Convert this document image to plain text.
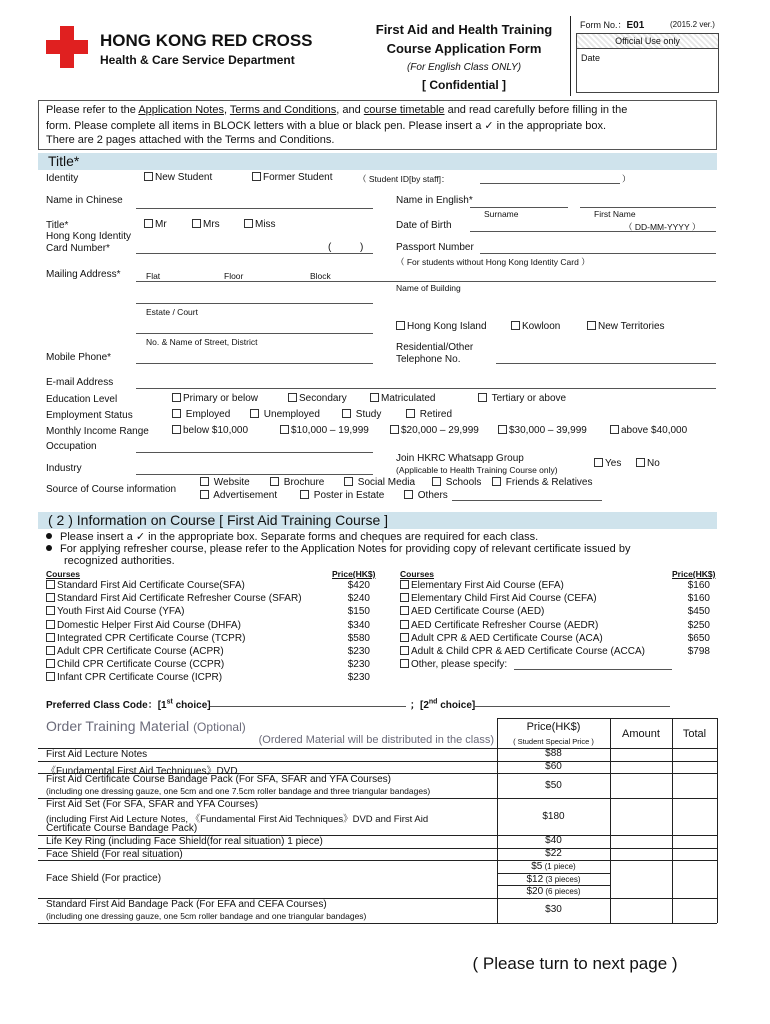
HONG KONG RED CROSS
Health & Care Service Department
First Aid and Health Training
Course Application Form
(For English Class ONLY)
[ Confidential ]
Form No.：E01	(2015.2 ver.)
Official Use only
Date
Please refer to the Application Notes, Terms and Conditions, and course timetable and read carefully before filling in the
form. Please complete all items in BLOCK letters with a blue or black pen. Please insert a ✓ in the appropriate box.
There are 2 pages attached with the Terms and Conditions.
Title*
Identity	New Student	Former Student	（ Student ID[by staff]：	）
Name in Chinese	Name in English*
Surname	First Name
Title*	Mr	Mrs	Miss	Date of Birth	（ DD-MM-YYYY ）
Hong Kong Identity
Card Number*	(	)	Passport Number
（ For students without Hong Kong Identity Card ）
Mailing Address*	Flat	Floor	Block
Name of Building
Estate / Court
Hong Kong Island	Kowloon	New Territories
No. & Name of Street, District
Mobile Phone*
Residential/Other
Telephone No.
E-mail Address
Education Level	Primary or below	Secondary	Matriculated	Tertiary or above
Employment Status	Employed	Unemployed	Study	Retired
Monthly Income Range	below $10,000	$10,000 – 19,999	$20,000 – 29,999	$30,000 – 39,999	above $40,000
Occupation
Join HKRC Whatsapp Group
(Applicable to Health Training Course only)
Yes	No
Industry
Source of Course information
Website	Brochure	Social Media	Schools	Friends & Relatives
Advertisement	Poster in Estate	Others
( 2 ) Information on Course [ First Aid Training Course ]
Please insert a ✓ in the appropriate box. Separate forms and cheques are required for each class.
For applying refresher course, please refer to the Application Notes for providing copy of relevant certificate issued by
recognized authorities.
Courses	Price(HK$)	Courses	Price(HK$)
Standard First Aid Certificate Course(SFA)	$420
Standard First Aid Certificate Refresher Course (SFAR)	$240
Youth First Aid Course (YFA)	$150
Domestic Helper First Aid Course (DHFA)	$340
Integrated CPR Certificate Course (TCPR)	$580
Adult CPR Certificate Course (ACPR)	$230
Child CPR Certificate Course (CCPR)	$230
Infant CPR Certificate Course (ICPR)	$230
Elementary First Aid Course (EFA)	$160
Elementary Child First Aid Course (CEFA)	$160
AED Certificate Course (AED)	$450
AED Certificate Refresher Course (AEDR)	$250
Adult CPR & AED Certificate Course (ACA)	$650
Adult & Child CPR & AED Certificate Course (ACCA)	$798
Other, please specify:
Preferred Class Code：[1st choice]	；[2nd choice]
Order Training Material (Optional)
(Ordered Material will be distributed in the class)
Price(HK$)
( Student Special Price )
Amount	Total
First Aid Lecture Notes	$88
《Fundamental First Aid Techniques》DVD	$60
First Aid Certificate Course Bandage Pack (For SFA, SFAR and YFA Courses)
(including one dressing gauze, one 5cm and one 7.5cm roller bandage and three triangular bandages)
$50
First Aid Set (For SFA, SFAR and YFA Courses)
(including First Aid Lecture Notes, 《Fundamental First Aid Techniques》DVD and First Aid
Certificate Course Bandage Pack)
$180
Life Key Ring (including Face Shield(for real situation) 1 piece)	$40
Face Shield (For real situation)	$22
Face Shield (For practice)
$5 (1 piece)
$12 (3 pieces)
$20 (6 pieces)
Standard First Aid Bandage Pack (For EFA and CEFA Courses)
(including one dressing gauze, one 5cm roller bandage and one triangular bandages)
$30
( Please turn to next page )
